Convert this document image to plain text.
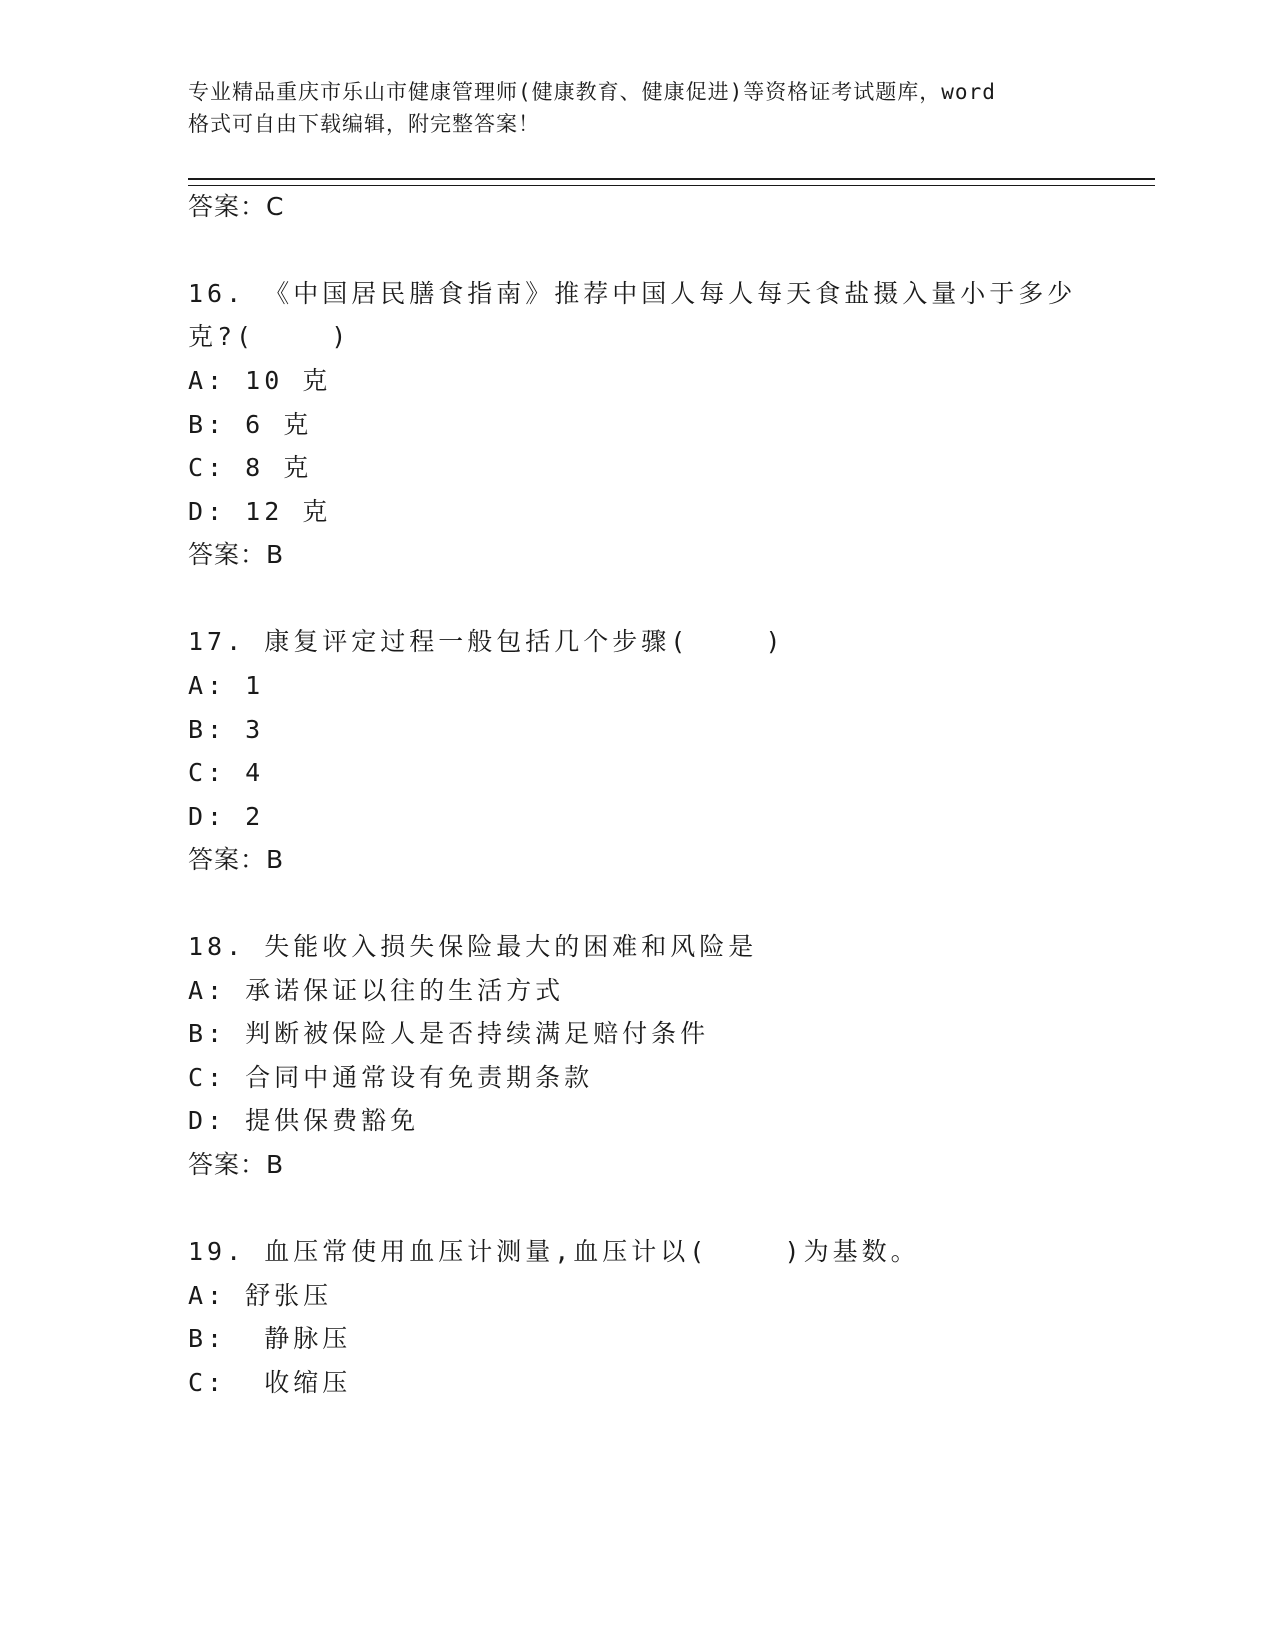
专业精品重庆市乐山市健康管理师(健康教育、健康促进)等资格证考试题库，word
格式可自由下载编辑，附完整答案！
答案：C
16. 《中国居民膳食指南》推荐中国人每人每天食盐摄入量小于多少
克?(    )
A: 10 克
B: 6 克
C: 8 克
D: 12 克
答案：B
17. 康复评定过程一般包括几个步骤(    )
A: 1
B: 3
C: 4
D: 2
答案：B
18. 失能收入损失保险最大的困难和风险是
A: 承诺保证以往的生活方式
B: 判断被保险人是否持续满足赔付条件
C: 合同中通常设有免责期条款
D: 提供保费豁免
答案：B
19. 血压常使用血压计测量,血压计以(    )为基数。
A: 舒张压
B:  静脉压
C:  收缩压
